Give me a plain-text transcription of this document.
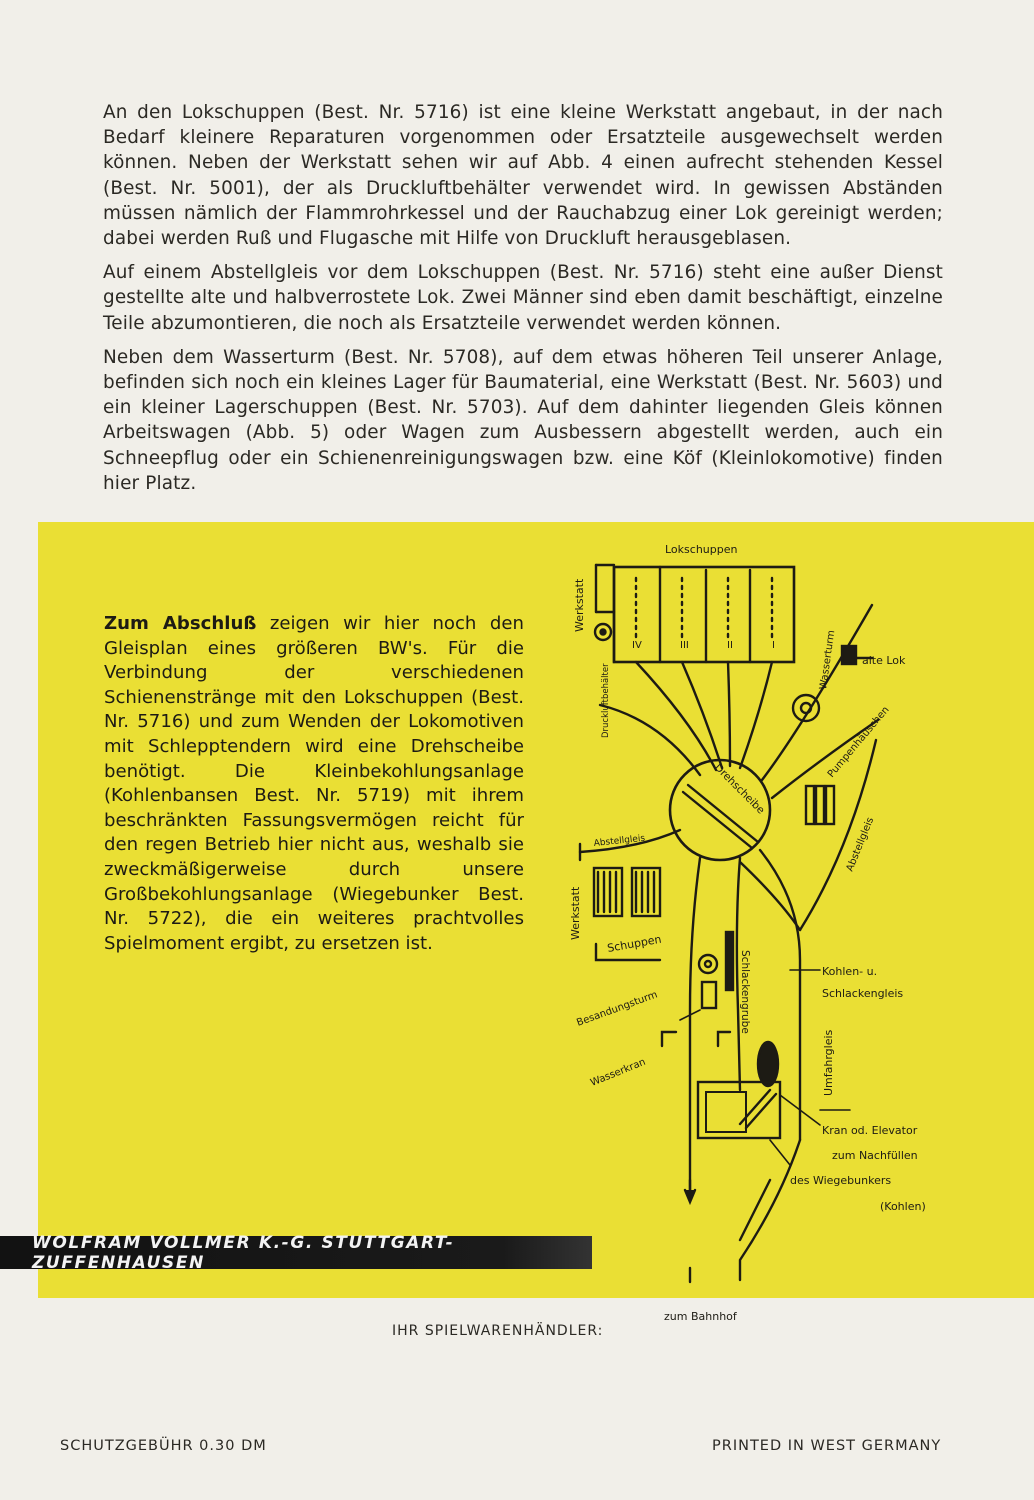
An den Lokschuppen (Best. Nr. 5716) ist eine kleine Werkstatt angebaut, in der nach Bedarf kleinere Reparaturen vorgenommen oder Ersatzteile ausgewechselt werden können. Neben der Werkstatt sehen wir auf Abb. 4 einen aufrecht stehenden Kessel (Best. Nr. 5001), der als Druckluftbehälter verwendet wird. In gewissen Abständen müssen nämlich der Flammrohrkessel und der Rauchabzug einer Lok gereinigt werden; dabei werden Ruß und Flugasche mit Hilfe von Druckluft herausgeblasen.

Auf einem Abstellgleis vor dem Lokschuppen (Best. Nr. 5716) steht eine außer Dienst gestellte alte und halbverrostete Lok. Zwei Männer sind eben damit beschäftigt, einzelne Teile abzumontieren, die noch als Ersatzteile verwendet werden können.

Neben dem Wasserturm (Best. Nr. 5708), auf dem etwas höheren Teil unserer Anlage, befinden sich noch ein kleines Lager für Baumaterial, eine Werkstatt (Best. Nr. 5603) und ein kleiner Lagerschuppen (Best. Nr. 5703). Auf dem dahinter liegenden Gleis können Arbeitswagen (Abb. 5) oder Wagen zum Ausbessern abgestellt werden, auch ein Schneepflug oder ein Schienenreinigungswagen bzw. eine Köf (Kleinlokomotive) finden hier Platz.

Zum Abschluß zeigen wir hier noch den Gleisplan eines größeren BW's. Für die Verbindung der verschiedenen Schienenstränge mit den Lokschuppen (Best. Nr. 5716) und zum Wenden der Lokomotiven mit Schlepptendern wird eine Drehscheibe benötigt. Die Kleinbekohlungsanlage (Kohlenbansen Best. Nr. 5719) mit ihrem beschränkten Fassungsvermögen reicht für den regen Betrieb hier nicht aus, weshalb sie zweckmäßigerweise durch unsere Großbekohlungsanlage (Wiegebunker Best. Nr. 5722), die ein weiteres prachtvolles Spielmoment ergibt, zu ersetzen ist.
Lokschuppen
Werkstatt
Druckluftbehälter
IV	III	II	I	Wasserturm alte Lok
Pumpenhäuschen
Drehscheibe
Abstellgleis	Abstellgleis
Werkstatt
Schuppen
Schlackengrube
Besandungsturm
Wasserkran
Kohlen- u.
Schlackengleis
Umfahrgleis
Kran od. Elevator
zum Nachfüllen
des Wiegebunkers
(Kohlen)
zum Bahnhof
WOLFRAM VOLLMER K.-G. STUTTGART-ZUFFENHAUSEN
IHR SPIELWARENHÄNDLER:
SCHUTZGEBÜHR 0.30 DM	PRINTED IN WEST GERMANY
